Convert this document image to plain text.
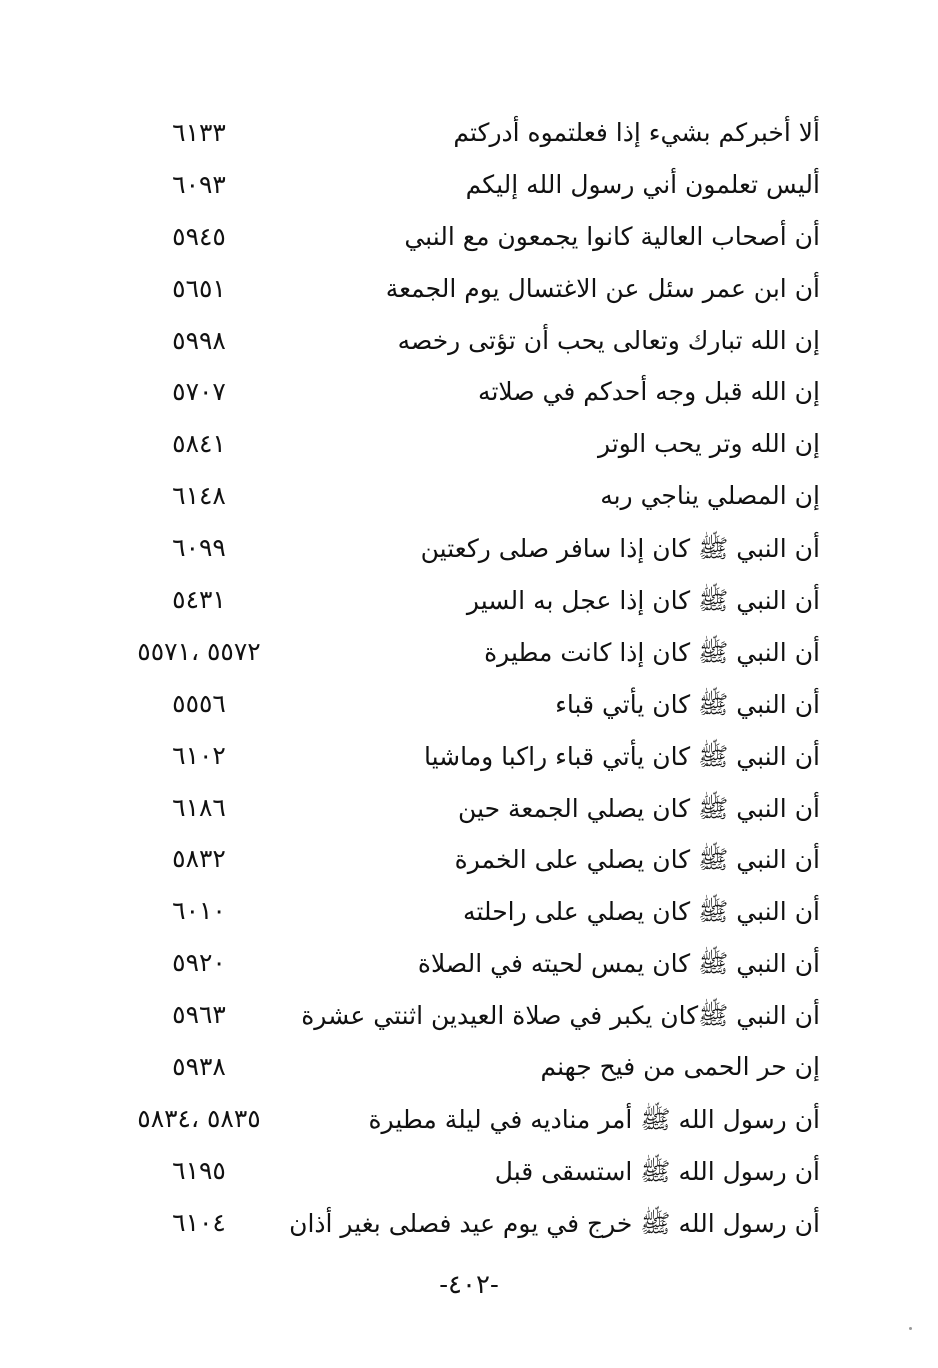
ألا أخبركم بشيء إذا فعلتموه أدركتم
٦١٣٣
أليس تعلمون أني رسول الله إليكم
٦٠٩٣
أن أصحاب العالية كانوا يجمعون مع النبي
٥٩٤٥
أن ابن عمر سئل عن الاغتسال يوم الجمعة
٥٦٥١
إن الله تبارك وتعالى يحب أن تؤتى رخصه
٥٩٩٨
إن الله قبل وجه أحدكم في صلاته
٥٧٠٧
إن الله وتر يحب الوتر
٥٨٤١
إن المصلي يناجي ربه
٦١٤٨
أن النبي ﷺ كان إذا سافر صلى ركعتين
٦٠٩٩
أن النبي ﷺ كان إذا عجل به السير
٥٤٣١
أن النبي ﷺ كان إذا كانت مطيرة
٥٥٧٢ ،٥٥٧١
أن النبي ﷺ كان يأتي قباء
٥٥٥٦
أن النبي ﷺ كان يأتي قباء راكبا وماشيا
٦١٠٢
أن النبي ﷺ كان يصلي الجمعة حين
٦١٨٦
أن النبي ﷺ كان يصلي على الخمرة
٥٨٣٢
أن النبي ﷺ كان يصلي على راحلته
٦٠١٠
أن النبي ﷺ كان يمس لحيته في الصلاة
٥٩٢٠
أن النبي ﷺكان يكبر في صلاة العيدين اثنتي عشرة
٥٩٦٣
إن حر الحمى من فيح جهنم
٥٩٣٨
أن رسول الله ﷺ أمر مناديه في ليلة مطيرة
٥٨٣٥ ،٥٨٣٤
أن رسول الله ﷺ استسقى قبل
٦١٩٥
أن رسول الله ﷺ خرج في يوم عيد فصلى بغير أذان
٦١٠٤
-٤٠٢-
